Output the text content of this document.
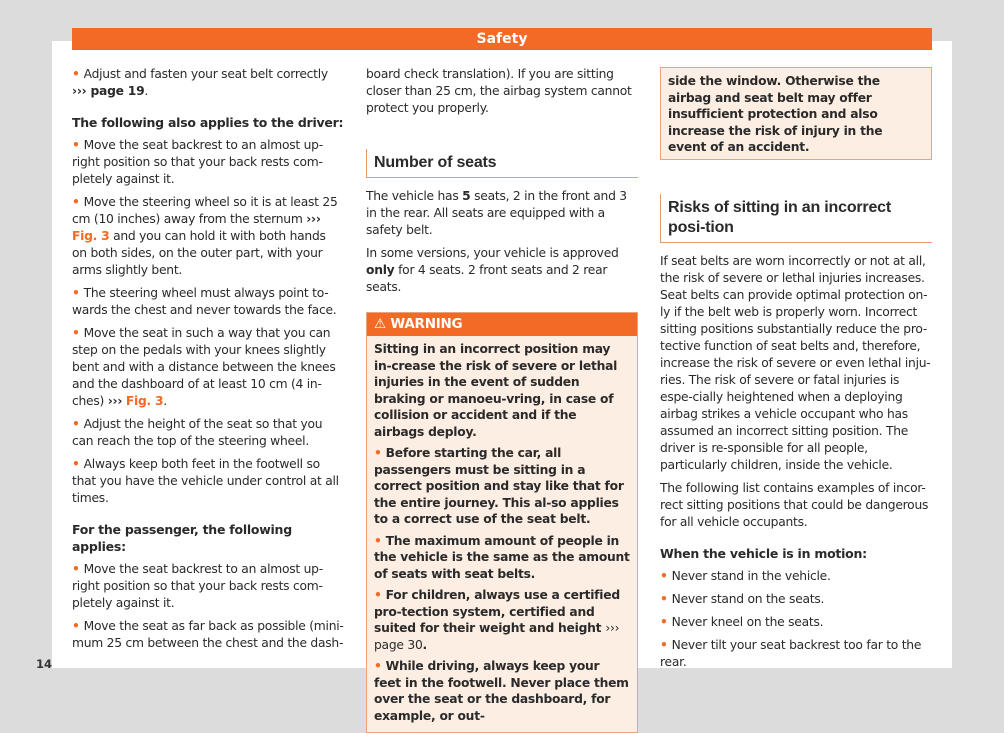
Safety

• Adjust and fasten your seat belt correctly
››› page 19.

The following also applies to the driver:

• Move the seat backrest to an almost up-right position so that your back rests com-pletely against it.

• Move the steering wheel so it is at least 25 cm (10 inches) away from the sternum ››› Fig. 3 and you can hold it with both hands on both sides, on the outer part, with your arms slightly bent.

• The steering wheel must always point to-wards the chest and never towards the face.

• Move the seat in such a way that you can step on the pedals with your knees slightly bent and with a distance between the knees and the dashboard of at least 10 cm (4 in-ches) ››› Fig. 3.

• Adjust the height of the seat so that you can reach the top of the steering wheel.

• Always keep both feet in the footwell so that you have the vehicle under control at all times.

For the passenger, the following applies:

• Move the seat backrest to an almost up-right position so that your back rests com-pletely against it.

• Move the seat as far back as possible (mini-mum 25 cm between the chest and the dash-

board check translation). If you are sitting closer than 25 cm, the airbag system cannot protect you properly.

Number of seats

The vehicle has 5 seats, 2 in the front and 3 in the rear. All seats are equipped with a safety belt.

In some versions, your vehicle is approved only for 4 seats. 2 front seats and 2 rear seats.

⚠ WARNING

Sitting in an incorrect position may in-crease the risk of severe or lethal injuries in the event of sudden braking or manoeu-vring, in case of collision or accident and if the airbags deploy.

• Before starting the car, all passengers must be sitting in a correct position and stay like that for the entire journey. This al-so applies to a correct use of the seat belt.

• The maximum amount of people in the vehicle is the same as the amount of seats with seat belts.

• For children, always use a certified pro-tection system, certified and suited for their weight and height ››› page 30.

• While driving, always keep your feet in the footwell. Never place them over the seat or the dashboard, for example, or out-

side the window. Otherwise the airbag and seat belt may offer insufficient protection and also increase the risk of injury in the event of an accident.

Risks of sitting in an incorrect posi-tion

If seat belts are worn incorrectly or not at all, the risk of severe or lethal injuries increases. Seat belts can provide optimal protection on-ly if the belt web is properly worn. Incorrect sitting positions substantially reduce the pro-tective function of seat belts and, therefore, increase the risk of severe or even lethal inju-ries. The risk of severe or fatal injuries is espe-cially heightened when a deploying airbag strikes a vehicle occupant who has assumed an incorrect sitting position. The driver is re-sponsible for all people, particularly children, inside the vehicle.

The following list contains examples of incor-rect sitting positions that could be dangerous for all vehicle occupants.

When the vehicle is in motion:

• Never stand in the vehicle.

• Never stand on the seats.

• Never kneel on the seats.

• Never tilt your seat backrest too far to the rear.

14
